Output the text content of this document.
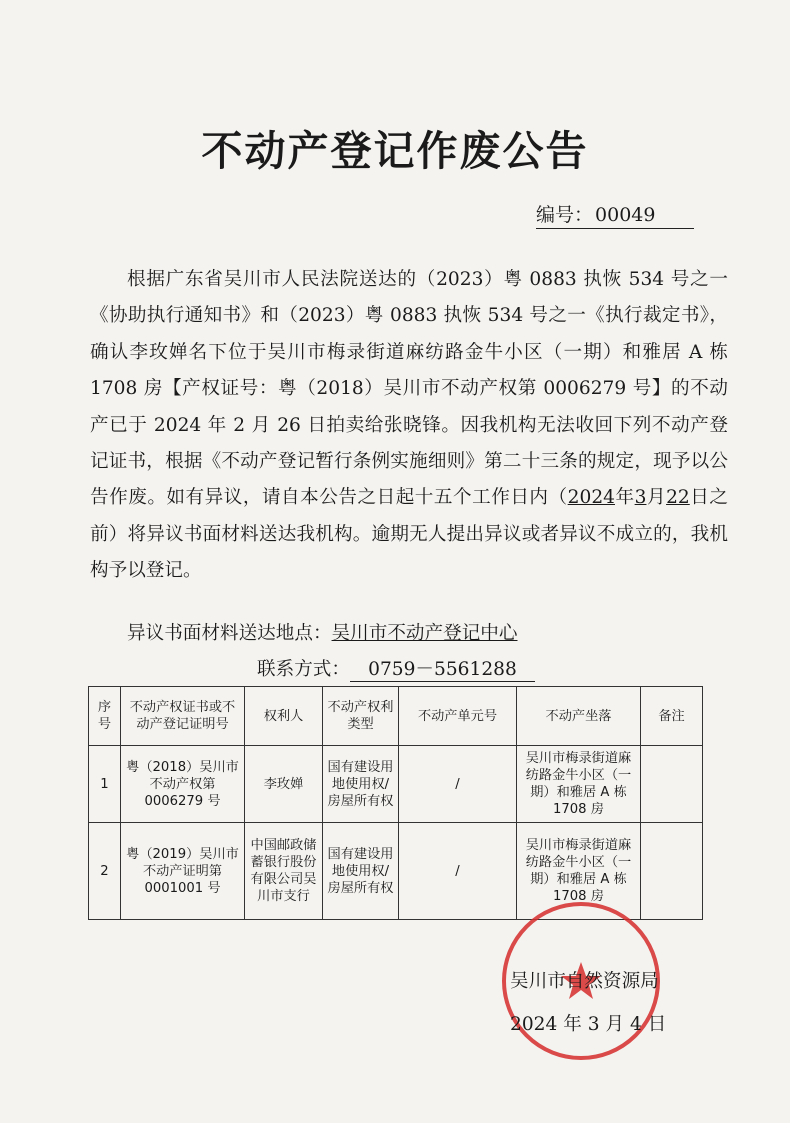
不动产登记作废公告
编号： 00049
根据广东省吴川市人民法院送达的（2023）粤 0883 执恢 534 号之一《协助执行通知书》和（2023）粤 0883 执恢 534 号之一《执行裁定书》，确认李玫婵名下位于吴川市梅录街道麻纺路金牛小区（一期）和雅居 A 栋 1708 房【产权证号：粤（2018）吴川市不动产权第 0006279 号】的不动产已于 2024 年 2 月 26 日拍卖给张晓锋。因我机构无法收回下列不动产登记证书，根据《不动产登记暂行条例实施细则》第二十三条的规定，现予以公告作废。如有异议，请自本公告之日起十五个工作日内（2024年3月22日之前）将异议书面材料送达我机构。逾期无人提出异议或者异议不成立的，我机构予以登记。
异议书面材料送达地点：吴川市不动产登记中心
联系方式： 0759－5561288
序号	不动产权证书或不动产登记证明号	权利人	不动产权利类型	不动产单元号	不动产坐落	备注
1	粤（2018）吴川市不动产权第 0006279 号	李玫婵	国有建设用地使用权/房屋所有权	/	吴川市梅录街道麻纺路金牛小区（一期）和雅居 A 栋 1708 房	
2	粤（2019）吴川市不动产证明第 0001001 号	中国邮政储蓄银行股份有限公司吴川市支行	国有建设用地使用权/房屋所有权	/	吴川市梅录街道麻纺路金牛小区（一期）和雅居 A 栋 1708 房	
吴川市自然资源局
2024 年 3 月 4 日
